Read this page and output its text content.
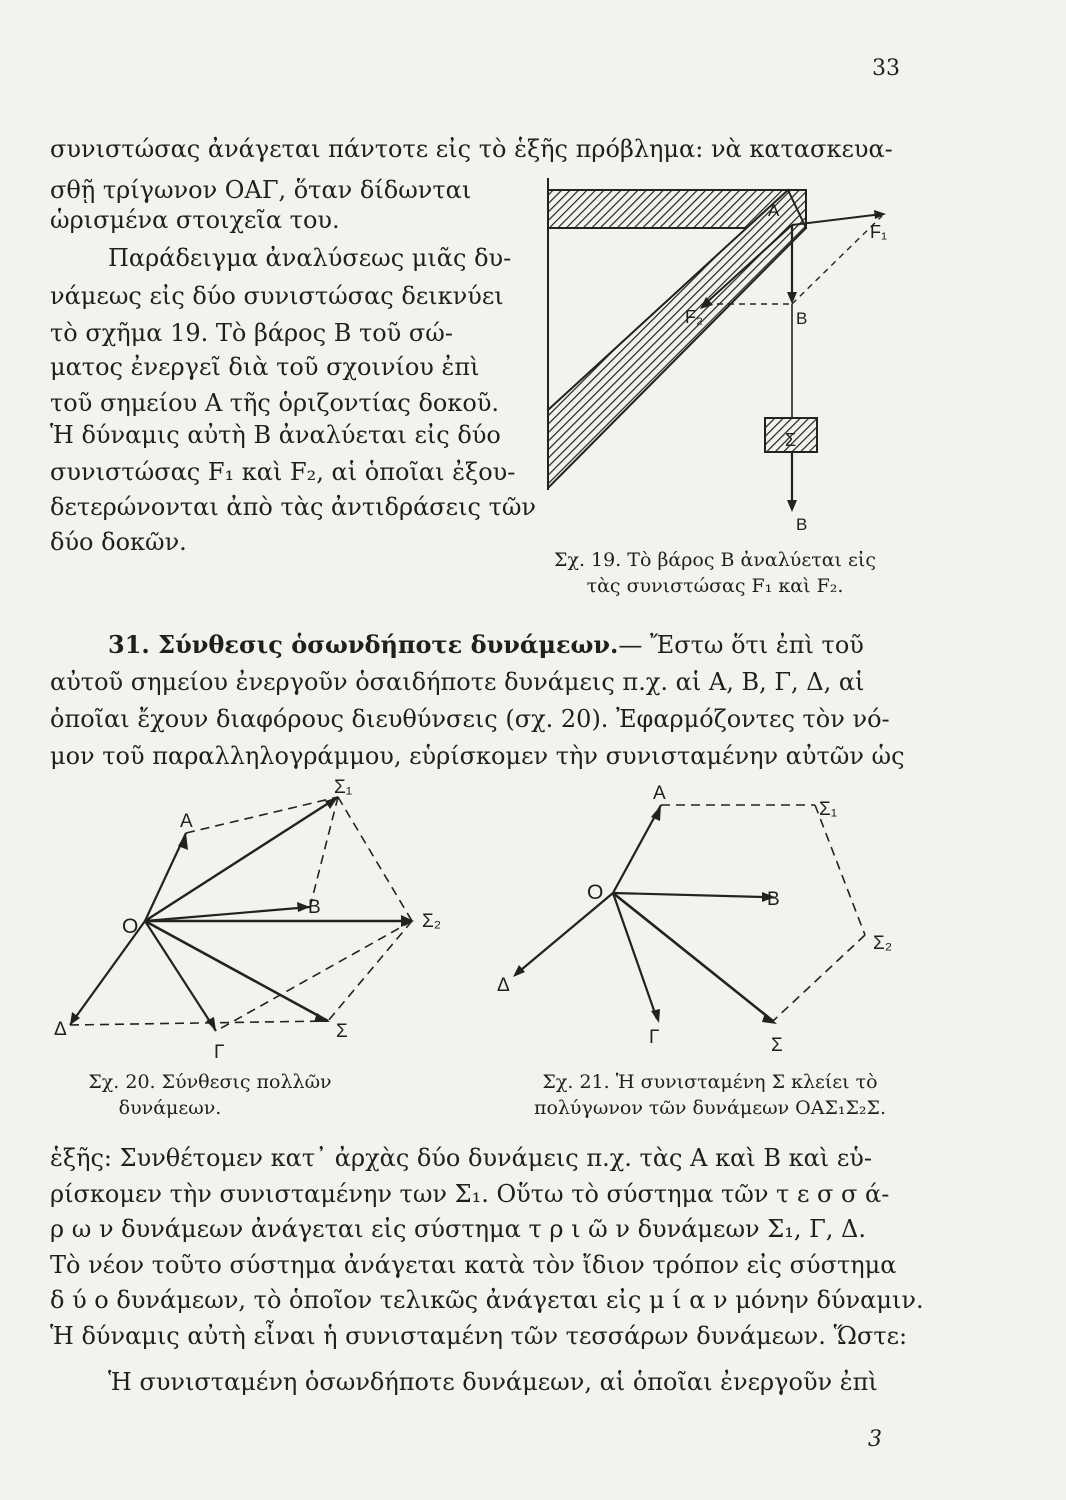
33
συνιστώσας ἀνάγεται πάντοτε εἰς τὸ ἑξῆς πρόβλημα: νὰ κατασκευα-
σθῇ τρίγωνον ΟΑΓ, ὅταν δίδωνται
ὡρισμένα στοιχεῖα του.
Παράδειγμα ἀναλύσεως μιᾶς δυ-
νάμεως εἰς δύο συνιστώσας δεικνύει
τὸ σχῆμα 19. Τὸ βάρος Β τοῦ σώ-
ματος ἐνεργεῖ διὰ τοῦ σχοινίου ἐπὶ
τοῦ σημείου Α τῆς ὁριζοντίας δοκοῦ.
Ἡ δύναμις αὐτὴ Β ἀναλύεται εἰς δύο
συνιστώσας F₁ καὶ F₂, αἱ ὁποῖαι ἐξου-
δετερώνονται ἀπὸ τὰς ἀντιδράσεις τῶν
δύο δοκῶν.
A
F₁
F₂	B
Σ
B
Σχ. 19. Τὸ βάρος Β ἀναλύεται εἰς
τὰς συνιστώσας F₁ καὶ F₂.
31. Σύνθεσις ὁσωνδήποτε δυνάμεων.— Ἔστω ὅτι ἐπὶ τοῦ
αὐτοῦ σημείου ἐνεργοῦν ὁσαιδήποτε δυνάμεις π.χ. αἱ Α, Β, Γ, Δ, αἱ
ὁποῖαι ἔχουν διαφόρους διευθύνσεις (σχ. 20). Ἐφαρμόζοντες τὸν νό-
μον τοῦ παραλληλογράμμου, εὑρίσκομεν τὴν συνισταμένην αὐτῶν ὡς
O
A
B
Γ
Δ
Σ₁
Σ₂
Σ
Σχ. 20. Σύνθεσις πολλῶν
δυνάμεων.
O
A
B
Γ
Δ
Σ₁
Σ₂
Σ
Σχ. 21. Ἡ συνισταμένη Σ κλείει τὸ
πολύγωνον τῶν δυνάμεων ΟΑΣ₁Σ₂Σ.
ἑξῆς: Συνθέτομεν κατ᾽ ἀρχὰς δύο δυνάμεις π.χ. τὰς Α καὶ Β καὶ εὑ-
ρίσκομεν τὴν συνισταμένην των Σ₁. Οὕτω τὸ σύστημα τῶν τ ε σ σ ά-
ρ ω ν δυνάμεων ἀνάγεται εἰς σύστημα τ ρ ι ῶ ν δυνάμεων Σ₁, Γ, Δ.
Τὸ νέον τοῦτο σύστημα ἀνάγεται κατὰ τὸν ἴδιον τρόπον εἰς σύστημα
δ ύ ο δυνάμεων, τὸ ὁποῖον τελικῶς ἀνάγεται εἰς μ ί α ν μόνην δύναμιν.
Ἡ δύναμις αὐτὴ εἶναι ἡ συνισταμένη τῶν τεσσάρων δυνάμεων. Ὥστε:
Ἡ συνισταμένη ὁσωνδήποτε δυνάμεων, αἱ ὁποῖαι ἐνεργοῦν ἐπὶ
3
